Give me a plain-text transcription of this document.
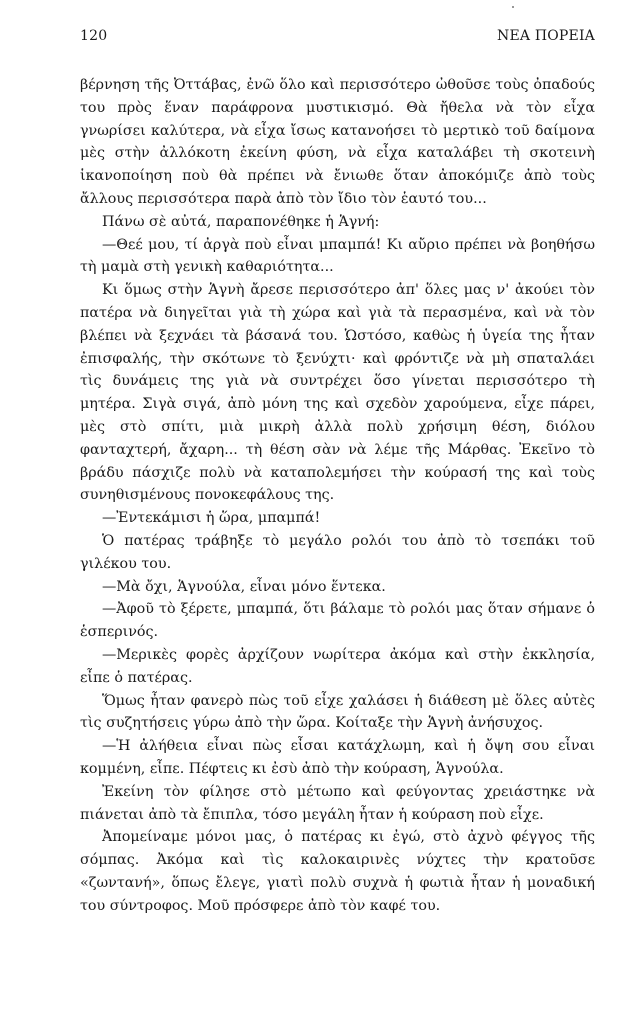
120	ΝΕΑ ΠΟΡΕΙΑ

βέρνηση τῆς Ὀττάβας, ἐνῶ ὅλο καὶ περισσότερο ὠθοῦσε τοὺς ὀπαδούς του πρὸς ἕναν παράφρονα μυστικισμό. Θὰ ἤθελα νὰ τὸν εἶχα γνωρίσει καλύτερα, νὰ εἶχα ἴσως κατανοήσει τὸ μερτικὸ τοῦ δαίμονα μὲς στὴν ἀλλόκοτη ἐκείνη φύση, νὰ εἶχα καταλάβει τὴ σκοτεινὴ ἱκανοποίηση ποὺ θὰ πρέπει νὰ ἔνιωθε ὅταν ἀποκόμιζε ἀπὸ τοὺς ἄλλους περισσότερα παρὰ ἀπὸ τὸν ἴδιο τὸν ἑαυτό του...

Πάνω σὲ αὐτά, παραπονέθηκε ἡ Ἁγνή:

—Θεέ μου, τί ἀργὰ ποὺ εἶναι μπαμπά! Κι αὔριο πρέπει νὰ βοηθήσω τὴ μαμὰ στὴ γενικὴ καθαριότητα...

Κι ὅμως στὴν Ἁγνὴ ἄρεσε περισσότερο ἀπ' ὅλες μας ν' ἀκούει τὸν πατέρα νὰ διηγεῖται γιὰ τὴ χώρα καὶ γιὰ τὰ περασμένα, καὶ νὰ τὸν βλέπει νὰ ξεχνάει τὰ βάσανά του. Ὡστόσο, καθὼς ἡ ὑγεία της ἦταν ἐπισφαλής, τὴν σκότωνε τὸ ξενύχτι· καὶ φρόντιζε νὰ μὴ σπαταλάει τὶς δυνάμεις της γιὰ νὰ συντρέχει ὅσο γίνεται περισσότερο τὴ μητέρα. Σιγὰ σιγά, ἀπὸ μόνη της καὶ σχεδὸν χαρούμενα, εἶχε πάρει, μὲς στὸ σπίτι, μιὰ μικρὴ ἀλλὰ πολὺ χρήσιμη θέση, διόλου φανταχτερή, ἄχαρη... τὴ θέση σὰν νὰ λέμε τῆς Μάρθας. Ἐκεῖνο τὸ βράδυ πάσχιζε πολὺ νὰ καταπολεμήσει τὴν κούρασή της καὶ τοὺς συνηθισμένους πονοκεφάλους της.

—Ἐντεκάμισι ἡ ὥρα, μπαμπά!

Ὁ πατέρας τράβηξε τὸ μεγάλο ρολόι του ἀπὸ τὸ τσεπάκι τοῦ γιλέκου του.

—Μὰ ὄχι, Ἁγνούλα, εἶναι μόνο ἕντεκα.

—Ἀφοῦ τὸ ξέρετε, μπαμπά, ὅτι βάλαμε τὸ ρολόι μας ὅταν σήμανε ὁ ἑσπερινός.

—Μερικὲς φορὲς ἀρχίζουν νωρίτερα ἀκόμα καὶ στὴν ἐκκλησία, εἶπε ὁ πατέρας.

Ὅμως ἦταν φανερὸ πὼς τοῦ εἶχε χαλάσει ἡ διάθεση μὲ ὅλες αὐτὲς τὶς συζητήσεις γύρω ἀπὸ τὴν ὥρα. Κοίταξε τὴν Ἁγνὴ ἀνήσυχος.

—Ἡ ἀλήθεια εἶναι πὼς εἶσαι κατάχλωμη, καὶ ἡ ὄψη σου εἶναι κομμένη, εἶπε. Πέφτεις κι ἐσὺ ἀπὸ τὴν κούραση, Ἁγνούλα.

Ἐκείνη τὸν φίλησε στὸ μέτωπο καὶ φεύγοντας χρειάστηκε νὰ πιάνεται ἀπὸ τὰ ἔπιπλα, τόσο μεγάλη ἦταν ἡ κούραση ποὺ εἶχε.

Ἀπομείναμε μόνοι μας, ὁ πατέρας κι ἐγώ, στὸ ἀχνὸ φέγγος τῆς σόμπας. Ἀκόμα καὶ τὶς καλοκαιρινὲς νύχτες τὴν κρατοῦσε «ζωντανή», ὅπως ἔλεγε, γιατὶ πολὺ συχνὰ ἡ φωτιὰ ἦταν ἡ μοναδική του σύντροφος. Μοῦ πρόσφερε ἀπὸ τὸν καφέ του.
